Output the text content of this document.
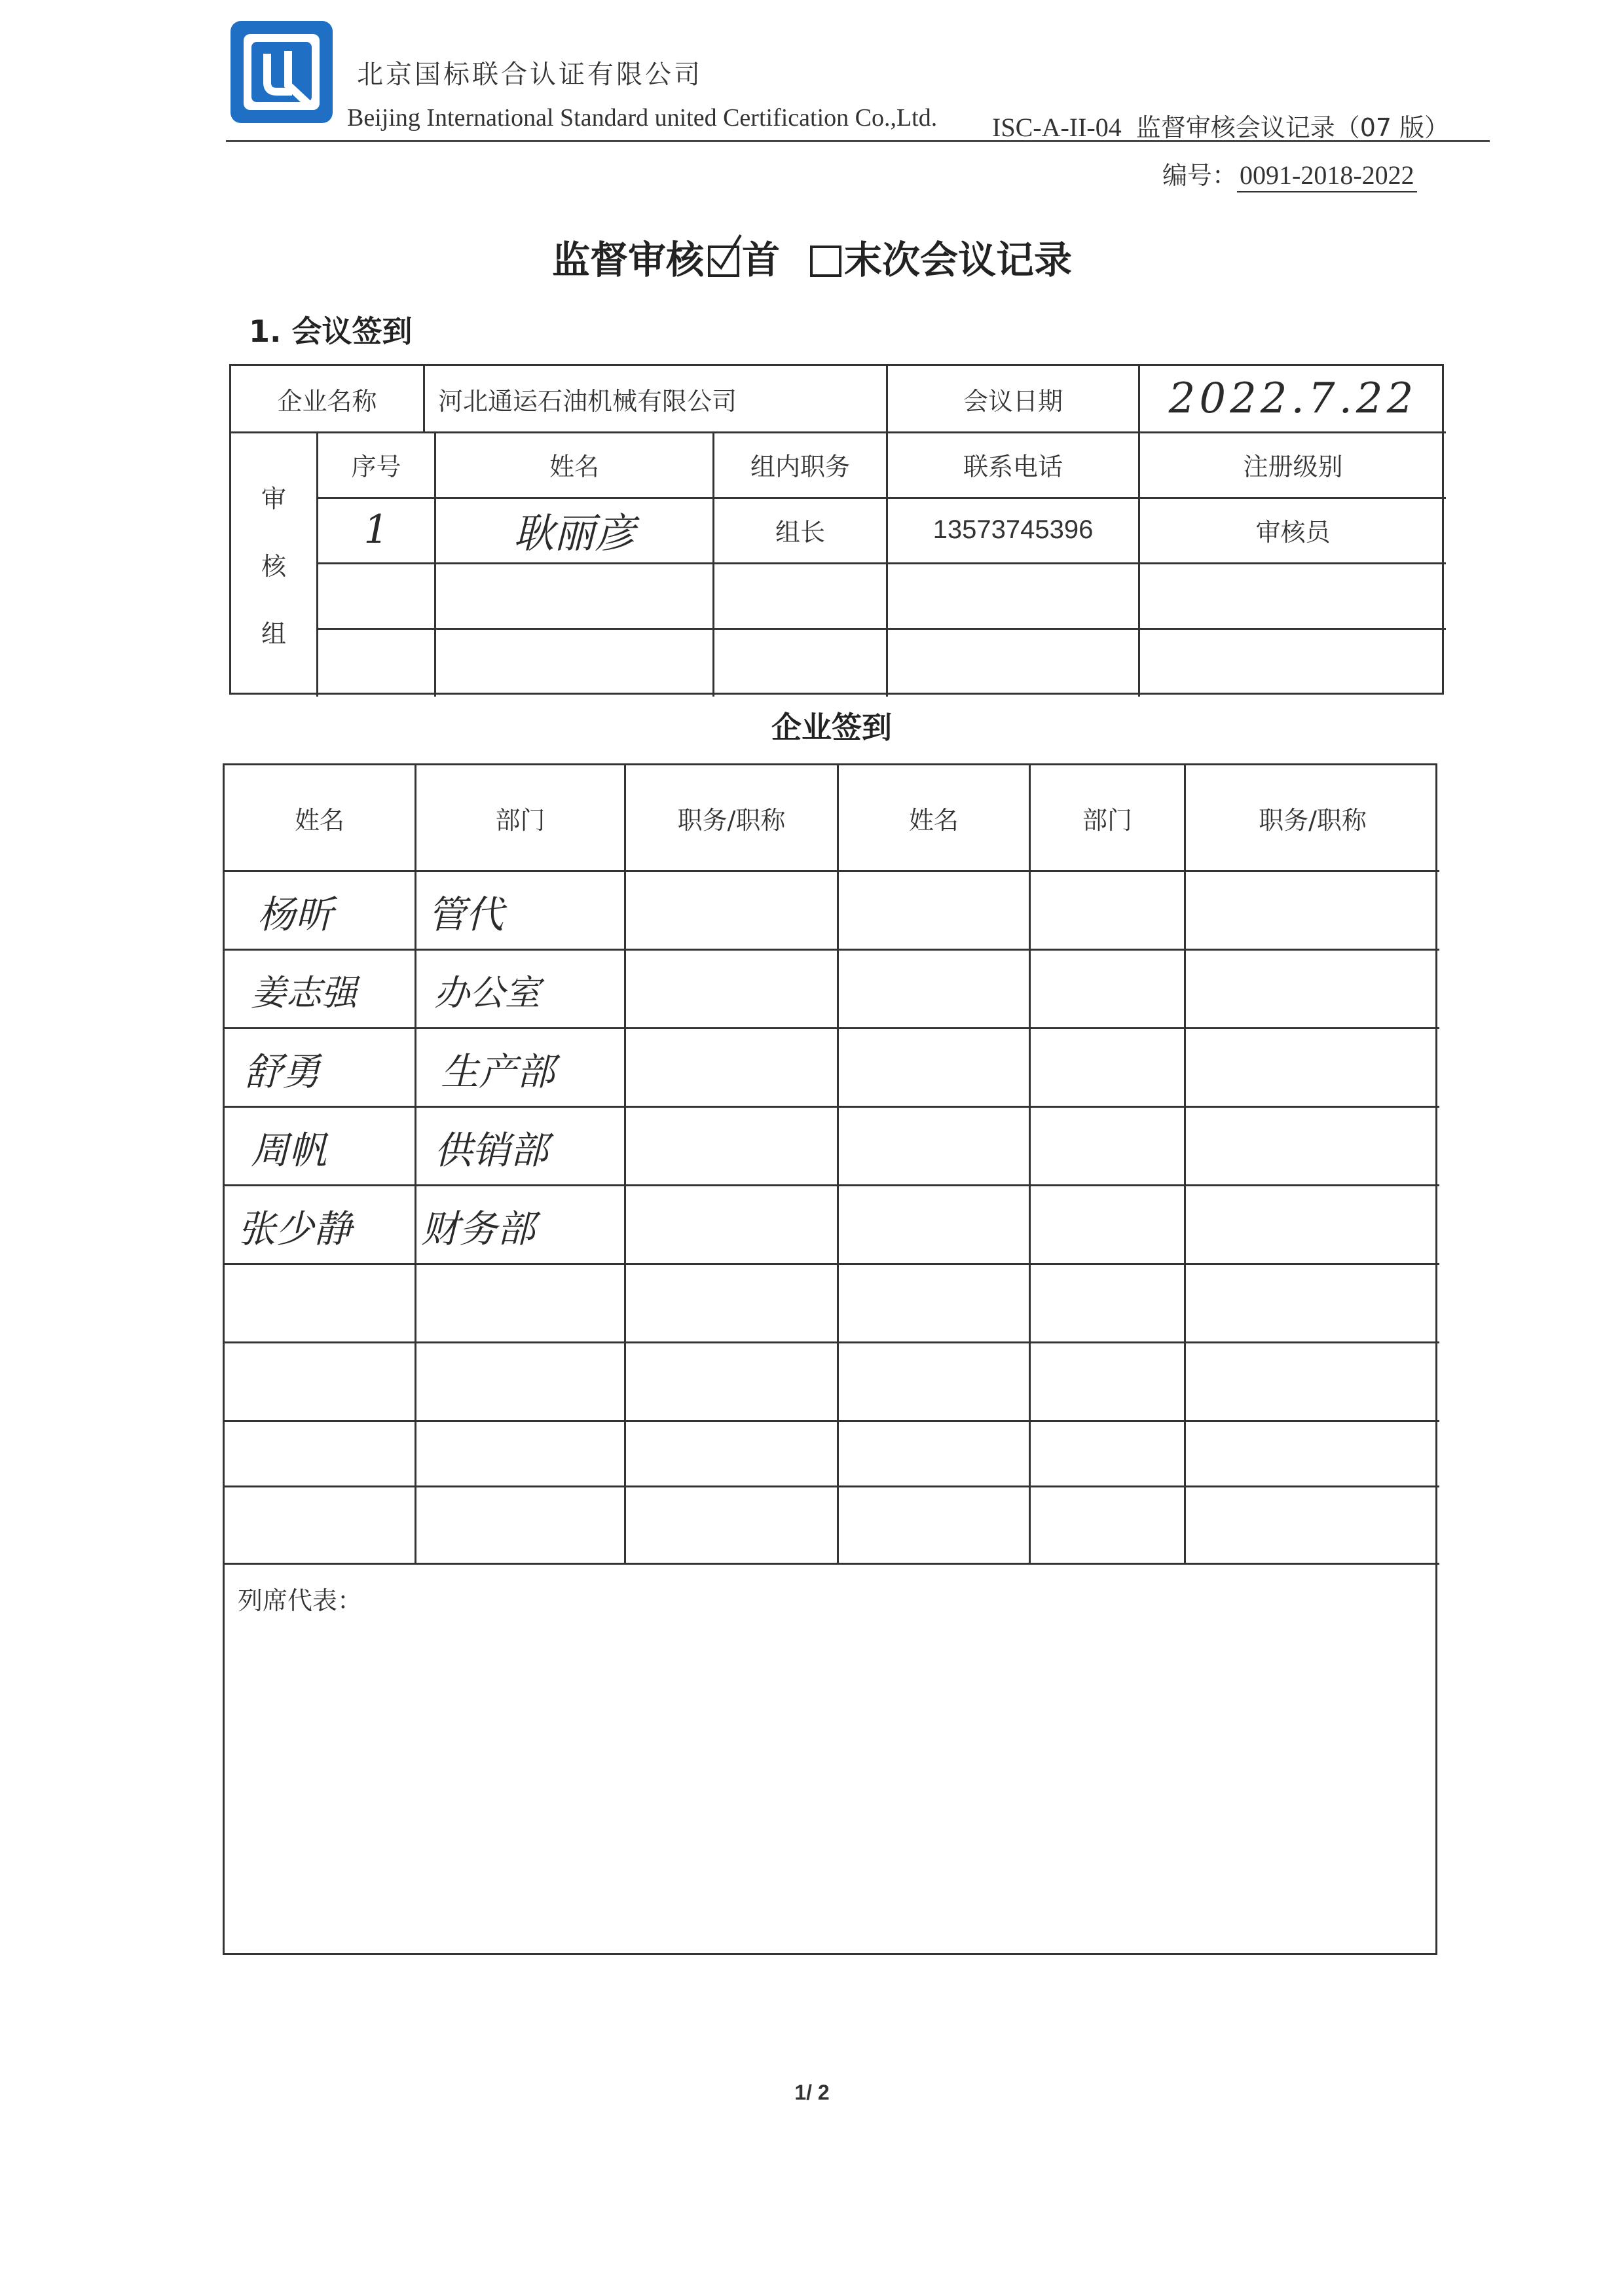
北京国标联合认证有限公司
Beijing International Standard united Certification Co.,Ltd. ISC-A-II-04 监督审核会议记录（07 版）
编号： 0091-2018-2022
监督审核 首 末次会议记录
1. 会议签到
企业名称	河北通运石油机械有限公司	会议日期	2022.7.22
审
核
组
序号	姓名	组内职务	联系电话	注册级别
1	耿丽彦	组长	13573745396	审核员
企业签到
姓名	部门	职务/职称	姓名	部门	职务/职称
杨昕 管代
姜志强 办公室
舒勇	生产部
周帆	供销部
张少静 财务部
列席代表：
1/ 2
